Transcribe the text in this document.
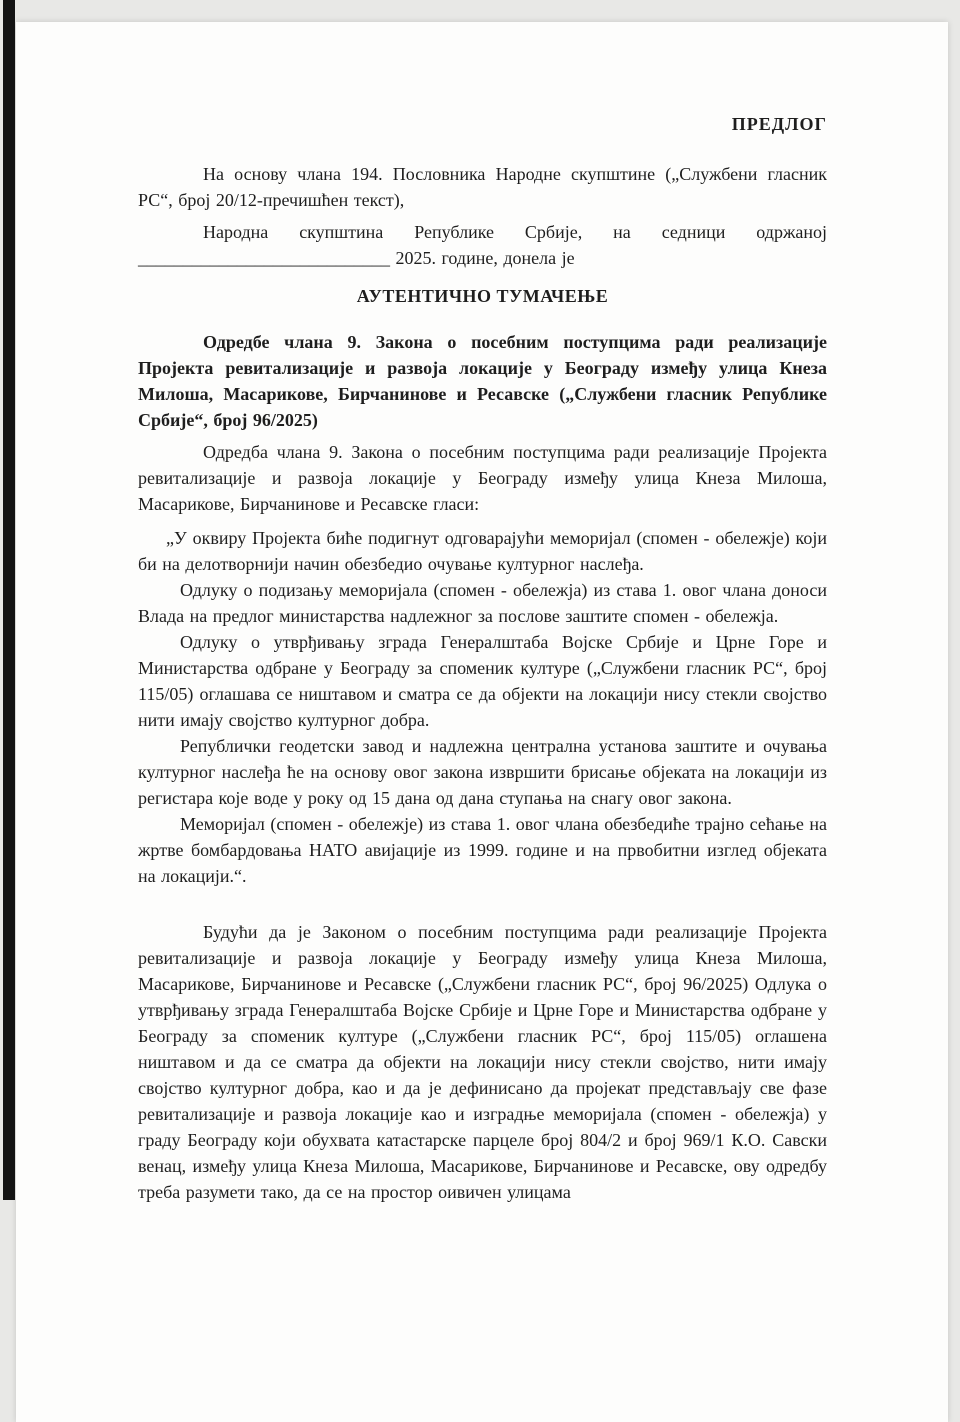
ПРЕДЛОГ

На основу члана 194. Пословника Народне скупштине („Службени гласник РС“, број 20/12-пречишћен текст),

Народна скупштина Републике Србије, на седници одржаној
____________________________ 2025. године, донела је

АУТЕНТИЧНО ТУМАЧЕЊЕ

Одредбе члана 9. Закона о посебним поступцима ради реализације Пројекта ревитализације и развоја локације у Београду између улица Кнеза Милоша, Масарикове, Бирчанинове и Ресавске („Службени гласник Републике Србије“, број 96/2025)

Одредба члана 9. Закона о посебним поступцима ради реализације Пројекта ревитализације и развоја локације у Београду између улица Кнеза Милоша, Масарикове, Бирчанинове и Ресавске гласи:

„У оквиру Пројекта биће подигнут одговарајући меморијал (спомен - обележје) који би на делотворнији начин обезбедио очување културног наслеђа.

Одлуку о подизању меморијала (спомен - обележја) из става 1. овог члана доноси Влада на предлог министарства надлежног за послове заштите спомен - обележја.

Одлуку о утврђивању зграда Генералштаба Војске Србије и Црне Горе и Министарства одбране у Београду за споменик културе („Службени гласник РС“, број 115/05) оглашава се ништавом и сматра се да објекти на локацији нису стекли својство нити имају својство културног добра.

Републички геодетски завод и надлежна централна установа заштите и очувања културног наслеђа ће на основу овог закона извршити брисање објеката на локацији из регистара које воде у року од 15 дана од дана ступања на снагу овог закона.

Меморијал (спомен - обележје) из става 1. овог члана обезбедиће трајно сећање на жртве бомбардовања НАТО авијације из 1999. године и на првобитни изглед објеката на локацији.“.

Будући да је Законом о посебним поступцима ради реализације Пројекта ревитализације и развоја локације у Београду између улица Кнеза Милоша, Масарикове, Бирчанинове и Ресавске („Службени гласник РС“, број 96/2025) Одлука о утврђивању зграда Генералштаба Војске Србије и Црне Горе и Министарства одбране у Београду за споменик културе („Службени гласник РС“, број 115/05) оглашена ништавом и да се сматра да објекти на локацији нису стекли својство, нити имају својство културног добра, као и да је дефинисано да пројекат представљају све фазе ревитализације и развоја локације као и изградње меморијала (спомен - обележја) у граду Београду који обухвата катастарске парцеле број 804/2 и број 969/1 К.О. Савски венац, између улица Кнеза Милоша, Масарикове, Бирчанинове и Ресавске, ову одредбу треба разумети тако, да се на простор оивичен улицама
